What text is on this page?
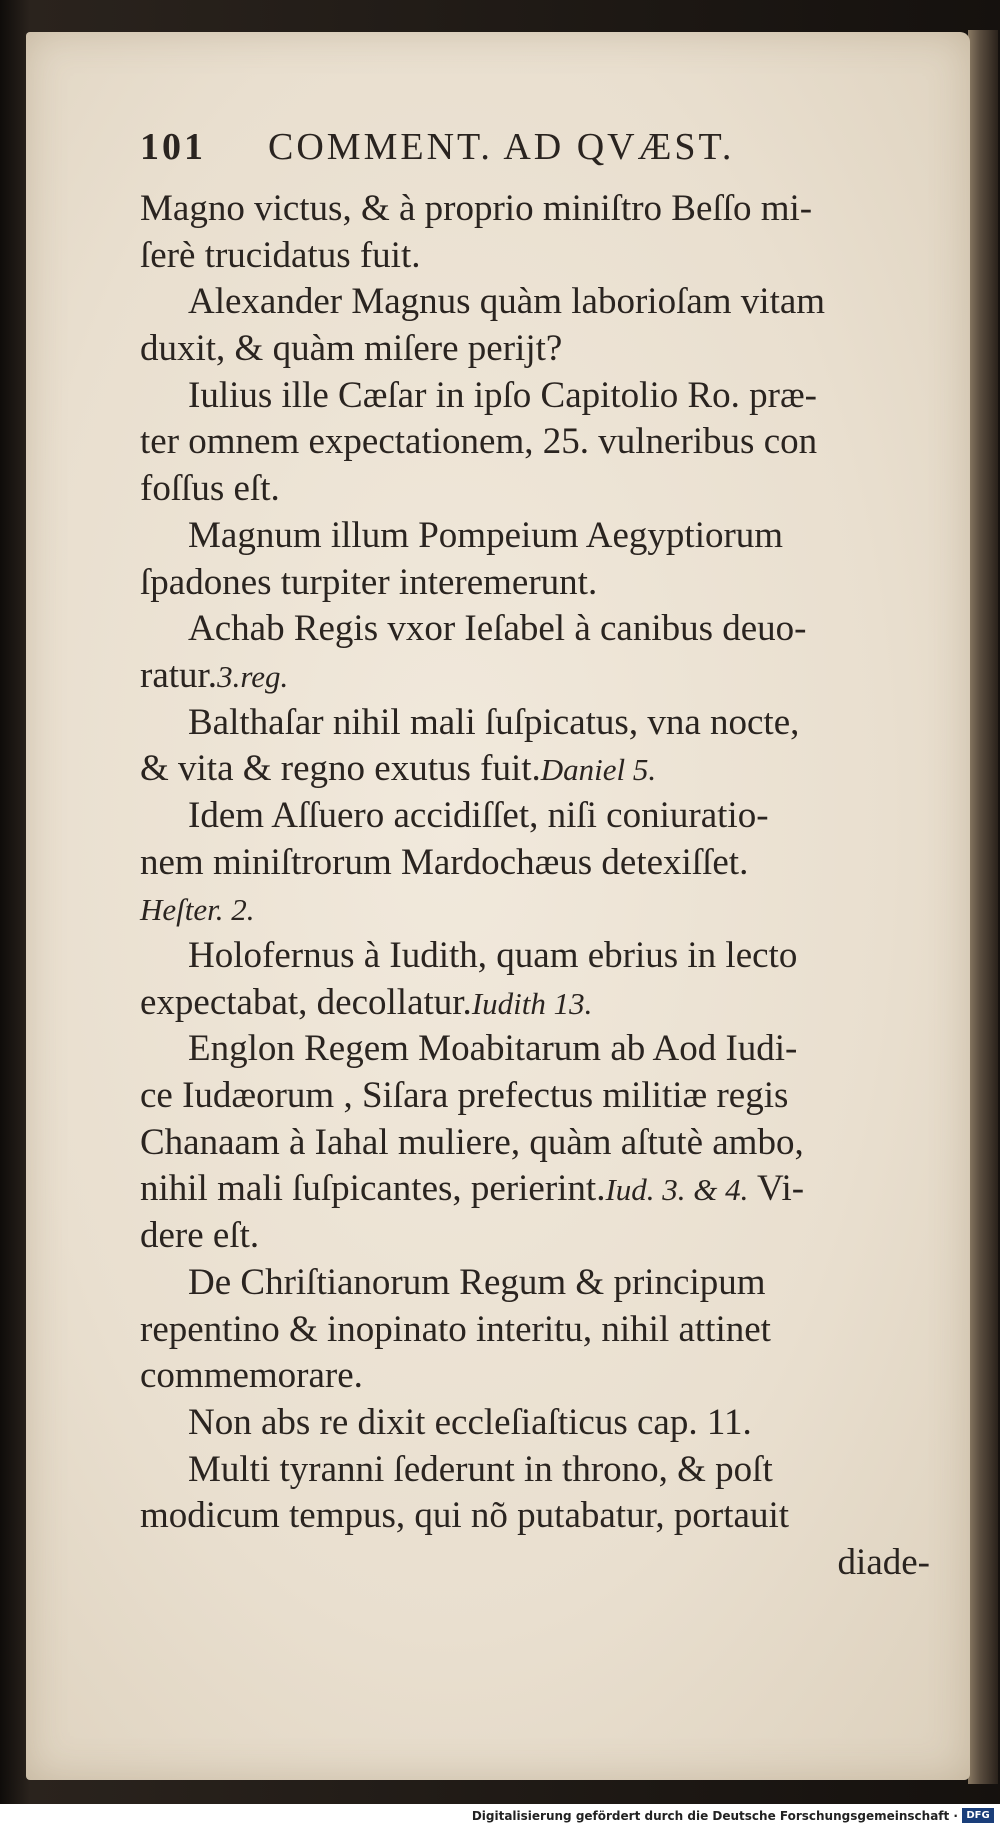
101 COMMENT. AD QVÆST.
Magno victus, & à proprio miniſtro Beſſo mi-
ſerè trucidatus fuit.
Alexander Magnus quàm laborioſam vitam
duxit, & quàm miſere perijt?
Iulius ille Cæſar in ipſo Capitolio Ro. præ-
ter omnem expectationem, 25. vulneribus con
foſſus eſt.
Magnum illum Pompeium Aegyptiorum
ſpadones turpiter interemerunt.
Achab Regis vxor Ieſabel à canibus deuo-
ratur.3.reg.
Balthaſar nihil mali ſuſpicatus, vna nocte,
& vita & regno exutus fuit.Daniel 5.
Idem Aſſuero accidiſſet, niſi coniuratio-
nem miniſtrorum Mardochæus detexiſſet.
Heſter. 2.
Holofernus à Iudith, quam ebrius in lecto
expectabat, decollatur.Iudith 13.
Englon Regem Moabitarum ab Aod Iudi-
ce Iudæorum , Siſara prefectus militiæ regis
Chanaam à Iahal muliere, quàm aſtutè ambo,
nihil mali ſuſpicantes, perierint.Iud. 3. & 4. Vi-
dere eſt.
De Chriſtianorum Regum & principum
repentino & inopinato interitu, nihil attinet
commemorare.
Non abs re dixit eccleſiaſticus cap. 11.
Multi tyranni ſederunt in throno, & poſt
modicum tempus, qui nõ putabatur, portauit
diade-
Digitalisierung gefördert durch die Deutsche Forschungsgemeinschaft · DFG
